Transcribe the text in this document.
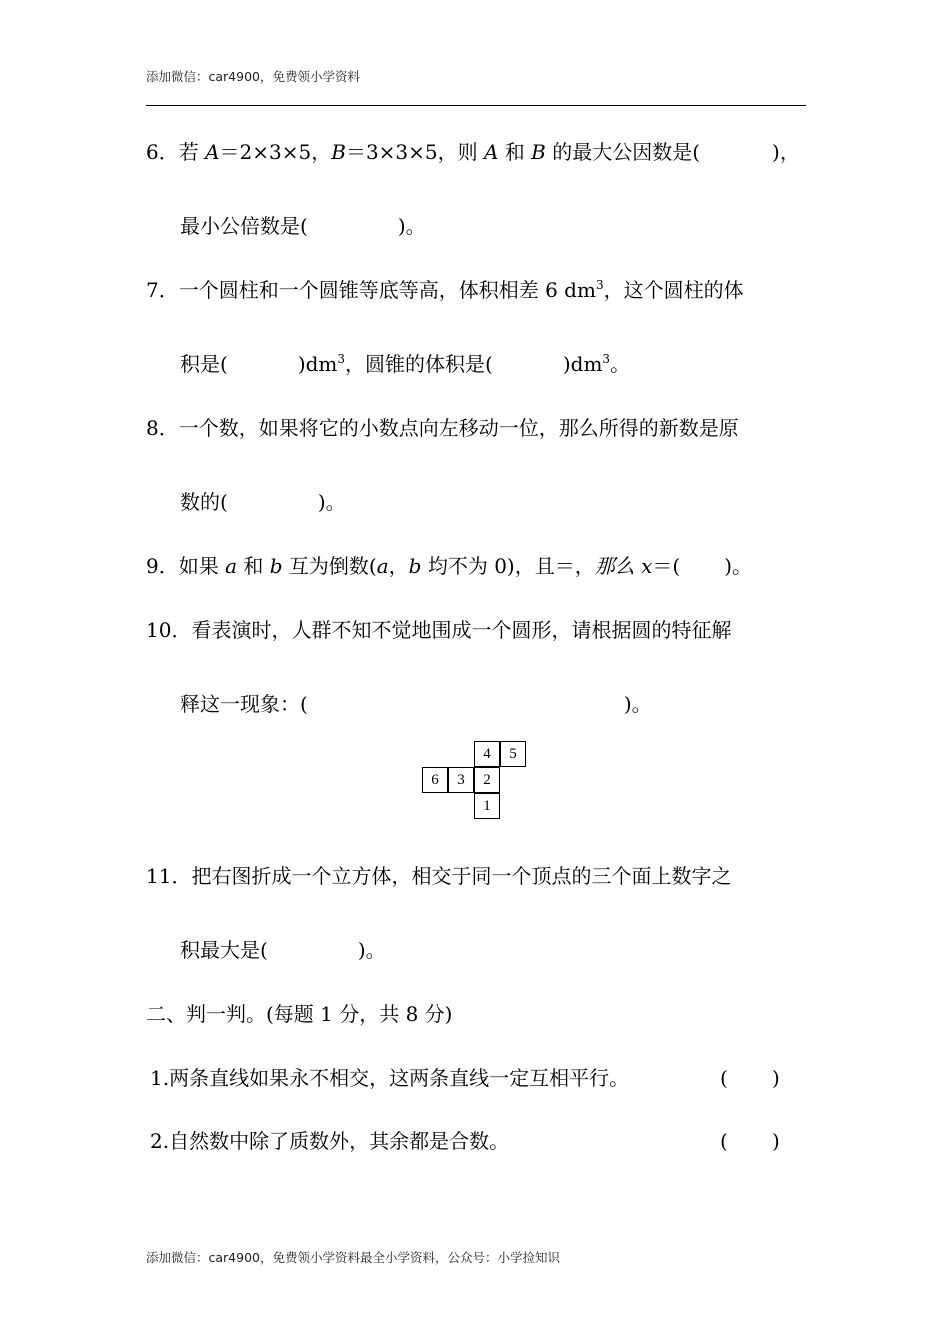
添加微信：car4900，免费领小学资料
6．若 A＝2×3×5，B＝3×3×5，则 A 和 B 的最大公因数是(	)，
最小公倍数是(	)。
7．一个圆柱和一个圆锥等底等高，体积相差 6 $dm^3$，这个圆柱的体
积是(	)$dm^3$，圆锥的体积是(	)$dm^3$。
8．一个数，如果将它的小数点向左移动一位，那么所得的新数是原
数的(	)。
9．如果 a 和 b 互为倒数(a，b 均不为 0)，且＝，那么 x＝( )。
10．看表演时，人群不知不觉地围成一个圆形，请根据圆的特征解
释这一现象：(	)。
4	5
6	3	2
1
11．把右图折成一个立方体，相交于同一个顶点的三个面上数字之
积最大是(	)。
二、判一判。(每题 1 分，共 8 分)
1.两条直线如果永不相交，这两条直线一定互相平行。	( )
2.自然数中除了质数外，其余都是合数。	( )
添加微信：car4900，免费领小学资料最全小学资料，公众号：小学捡知识
